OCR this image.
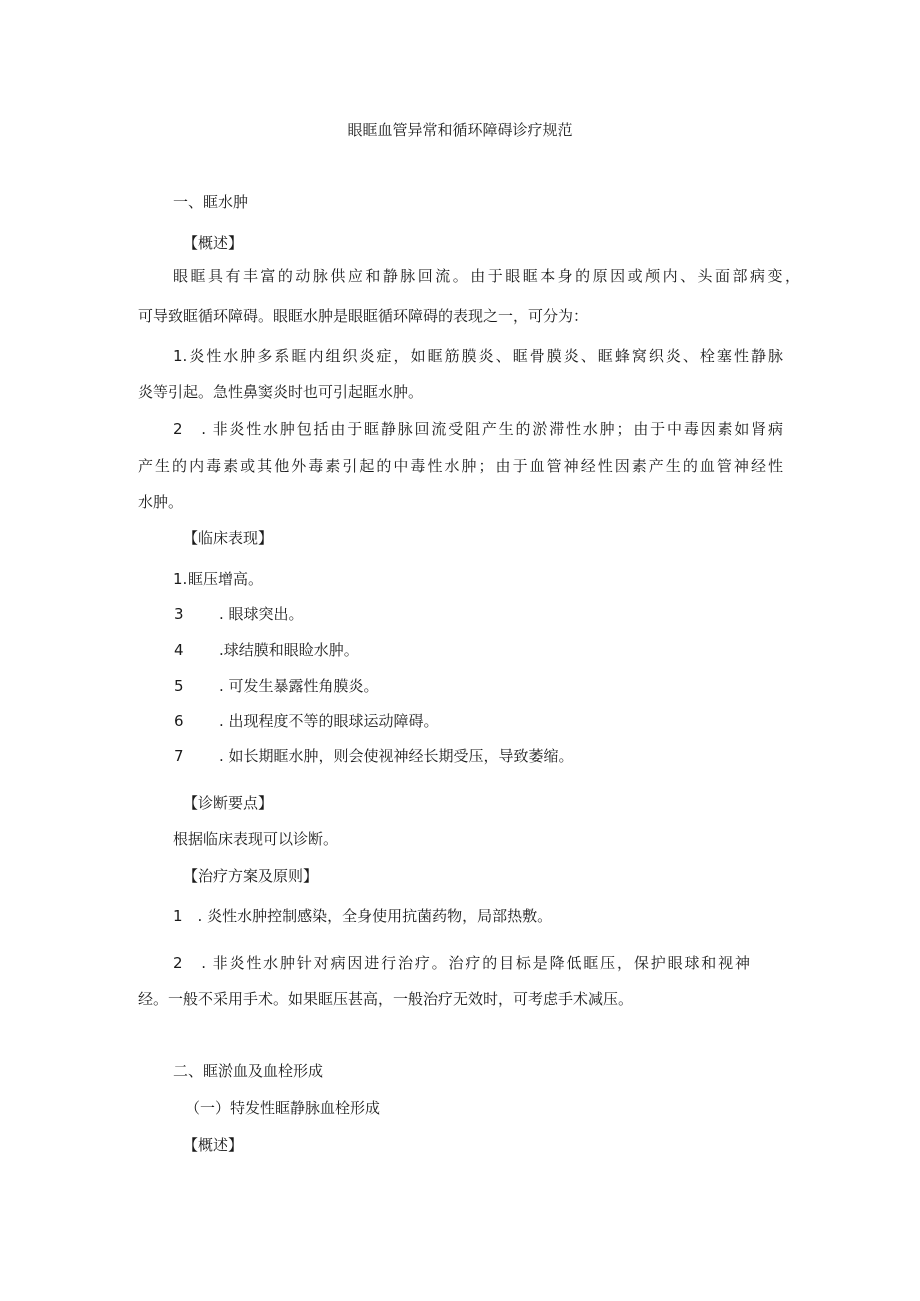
眼眶血管异常和循环障碍诊疗规范
一、眶水肿
【概述】
眼眶具有丰富的动脉供应和静脉回流。由于眼眶本身的原因或颅内、头面部病变，
可导致眶循环障碍。眼眶水肿是眼眶循环障碍的表现之一，可分为：
1.炎性水肿多系眶内组织炎症，如眶筋膜炎、眶骨膜炎、眶蜂窝织炎、栓塞性静脉
炎等引起。急性鼻窦炎时也可引起眶水肿。
2　. 非炎性水肿包括由于眶静脉回流受阻产生的淤滞性水肿；由于中毒因素如肾病
产生的内毒素或其他外毒素引起的中毒性水肿；由于血管神经性因素产生的血管神经性
水肿。
【临床表现】
1. 眶压增高。
3 . 眼球突出。
4 .球结膜和眼睑水肿。
5 . 可发生暴露性角膜炎。
6 . 出现程度不等的眼球运动障碍。
7 . 如长期眶水肿，则会使视神经长期受压，导致萎缩。
【诊断要点】
根据临床表现可以诊断。
【治疗方案及原则】
1　. 炎性水肿控制感染，全身使用抗菌药物，局部热敷。
2　. 非炎性水肿针对病因进行治疗。治疗的目标是降低眶压，保护眼球和视神
经。一般不采用手术。如果眶压甚高，一般治疗无效时，可考虑手术减压。
二、眶淤血及血栓形成
（一）特发性眶静脉血栓形成
【概述】
